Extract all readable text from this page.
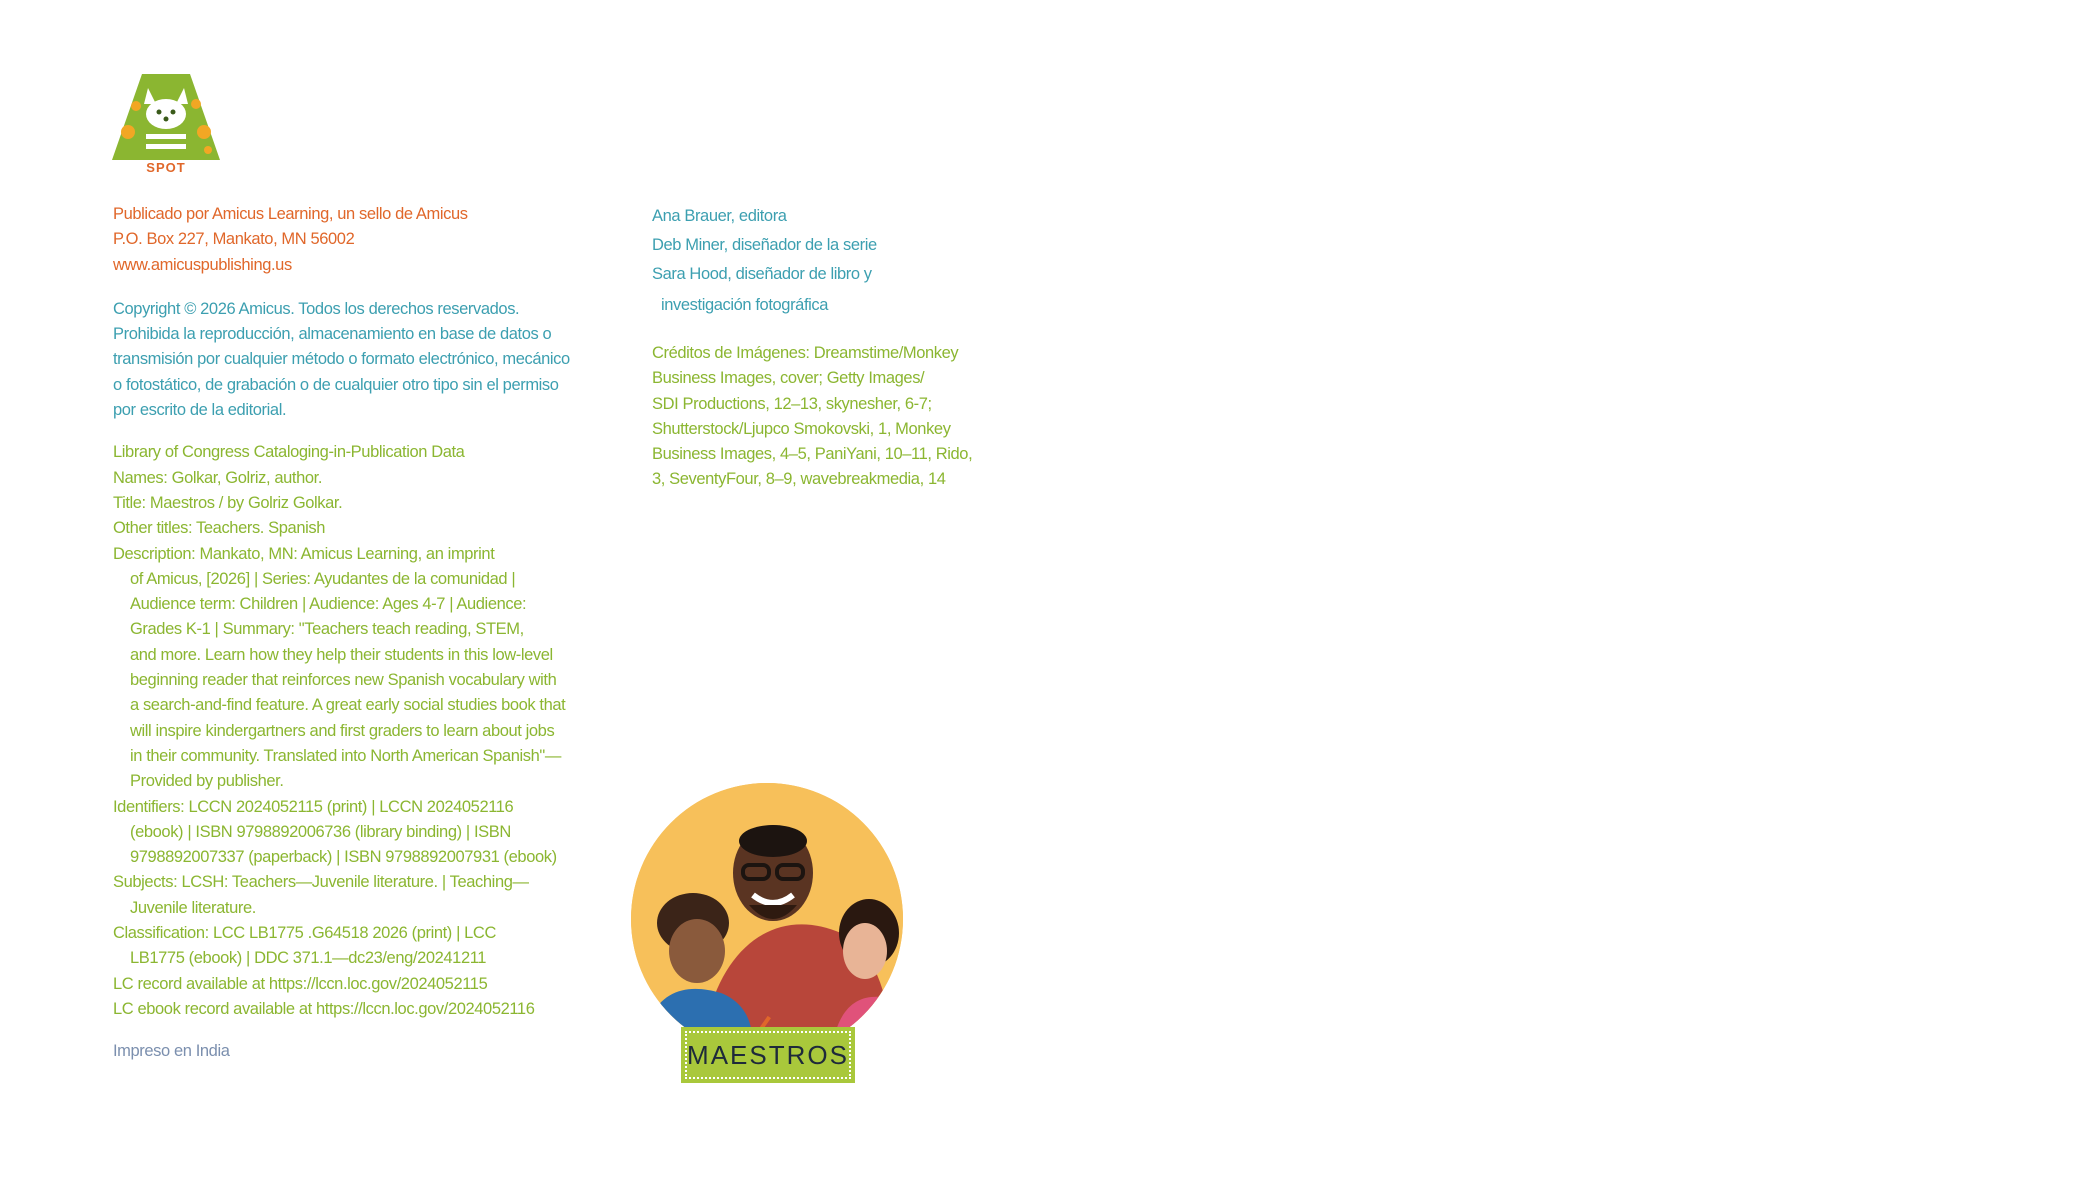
SPOT
Publicado por Amicus Learning, un sello de Amicus
P.O. Box 227, Mankato, MN 56002
www.amicuspublishing.us
Copyright © 2026 Amicus. Todos los derechos reservados.
Prohibida la reproducción, almacenamiento en base de datos o
transmisión por cualquier método o formato electrónico, mecánico
o fotostático, de grabación o de cualquier otro tipo sin el permiso
por escrito de la editorial.
Library of Congress Cataloging-in-Publication Data
Names: Golkar, Golriz, author.
Title: Maestros / by Golriz Golkar.
Other titles: Teachers. Spanish
Description: Mankato, MN: Amicus Learning, an imprint
of Amicus, [2026] | Series: Ayudantes de la comunidad |
Audience term: Children | Audience: Ages 4-7 | Audience:
Grades K-1 | Summary: "Teachers teach reading, STEM,
and more. Learn how they help their students in this low-level
beginning reader that reinforces new Spanish vocabulary with
a search-and-find feature. A great early social studies book that
will inspire kindergartners and first graders to learn about jobs
in their community. Translated into North American Spanish"—
Provided by publisher.
Identifiers: LCCN 2024052115 (print) | LCCN 2024052116
(ebook) | ISBN 9798892006736 (library binding) | ISBN
9798892007337 (paperback) | ISBN 9798892007931 (ebook)
Subjects: LCSH: Teachers—Juvenile literature. | Teaching—
Juvenile literature.
Classification: LCC LB1775 .G64518 2026 (print) | LCC
LB1775 (ebook) | DDC 371.1—dc23/eng/20241211
LC record available at https://lccn.loc.gov/2024052115
LC ebook record available at https://lccn.loc.gov/2024052116
Impreso en India
Ana Brauer, editora
Deb Miner, diseñador de la serie
Sara Hood, diseñador de libro y
investigación fotográfica
Créditos de Imágenes: Dreamstime/Monkey
Business Images, cover; Getty Images/
SDI Productions, 12–13, skynesher, 6-7;
Shutterstock/Ljupco Smokovski, 1, Monkey
Business Images, 4–5, PaniYani, 10–11, Rido,
3, SeventyFour, 8–9, wavebreakmedia, 14
MAESTROS
